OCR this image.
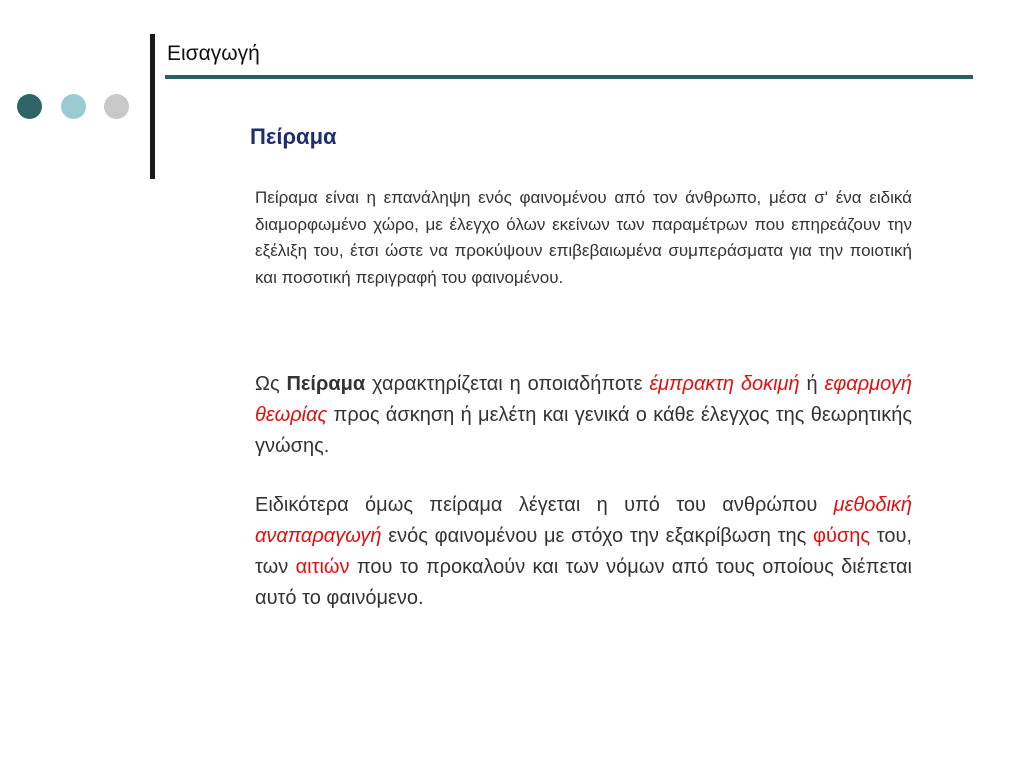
Εισαγωγή
Πείραμα

Πείραμα είναι η επανάληψη ενός φαινομένου από τον άνθρωπο, μέσα σ' ένα ειδικά διαμορφωμένο χώρο, με έλεγχο όλων εκείνων των παραμέτρων που επηρεάζουν την εξέλιξη του, έτσι ώστε να προκύψουν επιβεβαιωμένα συμπεράσματα για την ποιοτική και ποσοτική περιγραφή του φαινομένου.

Ως Πείραμα χαρακτηρίζεται η οποιαδήποτε έμπρακτη δοκιμή ή εφαρμογή θεωρίας προς άσκηση ή μελέτη και γενικά ο κάθε έλεγχος της θεωρητικής γνώσης.

Ειδικότερα όμως πείραμα λέγεται η υπό του ανθρώπου μεθοδική αναπαραγωγή ενός φαινομένου με στόχο την εξακρίβωση της φύσης του, των αιτιών που το προκαλούν και των νόμων από τους οποίους διέπεται αυτό το φαινόμενο.
